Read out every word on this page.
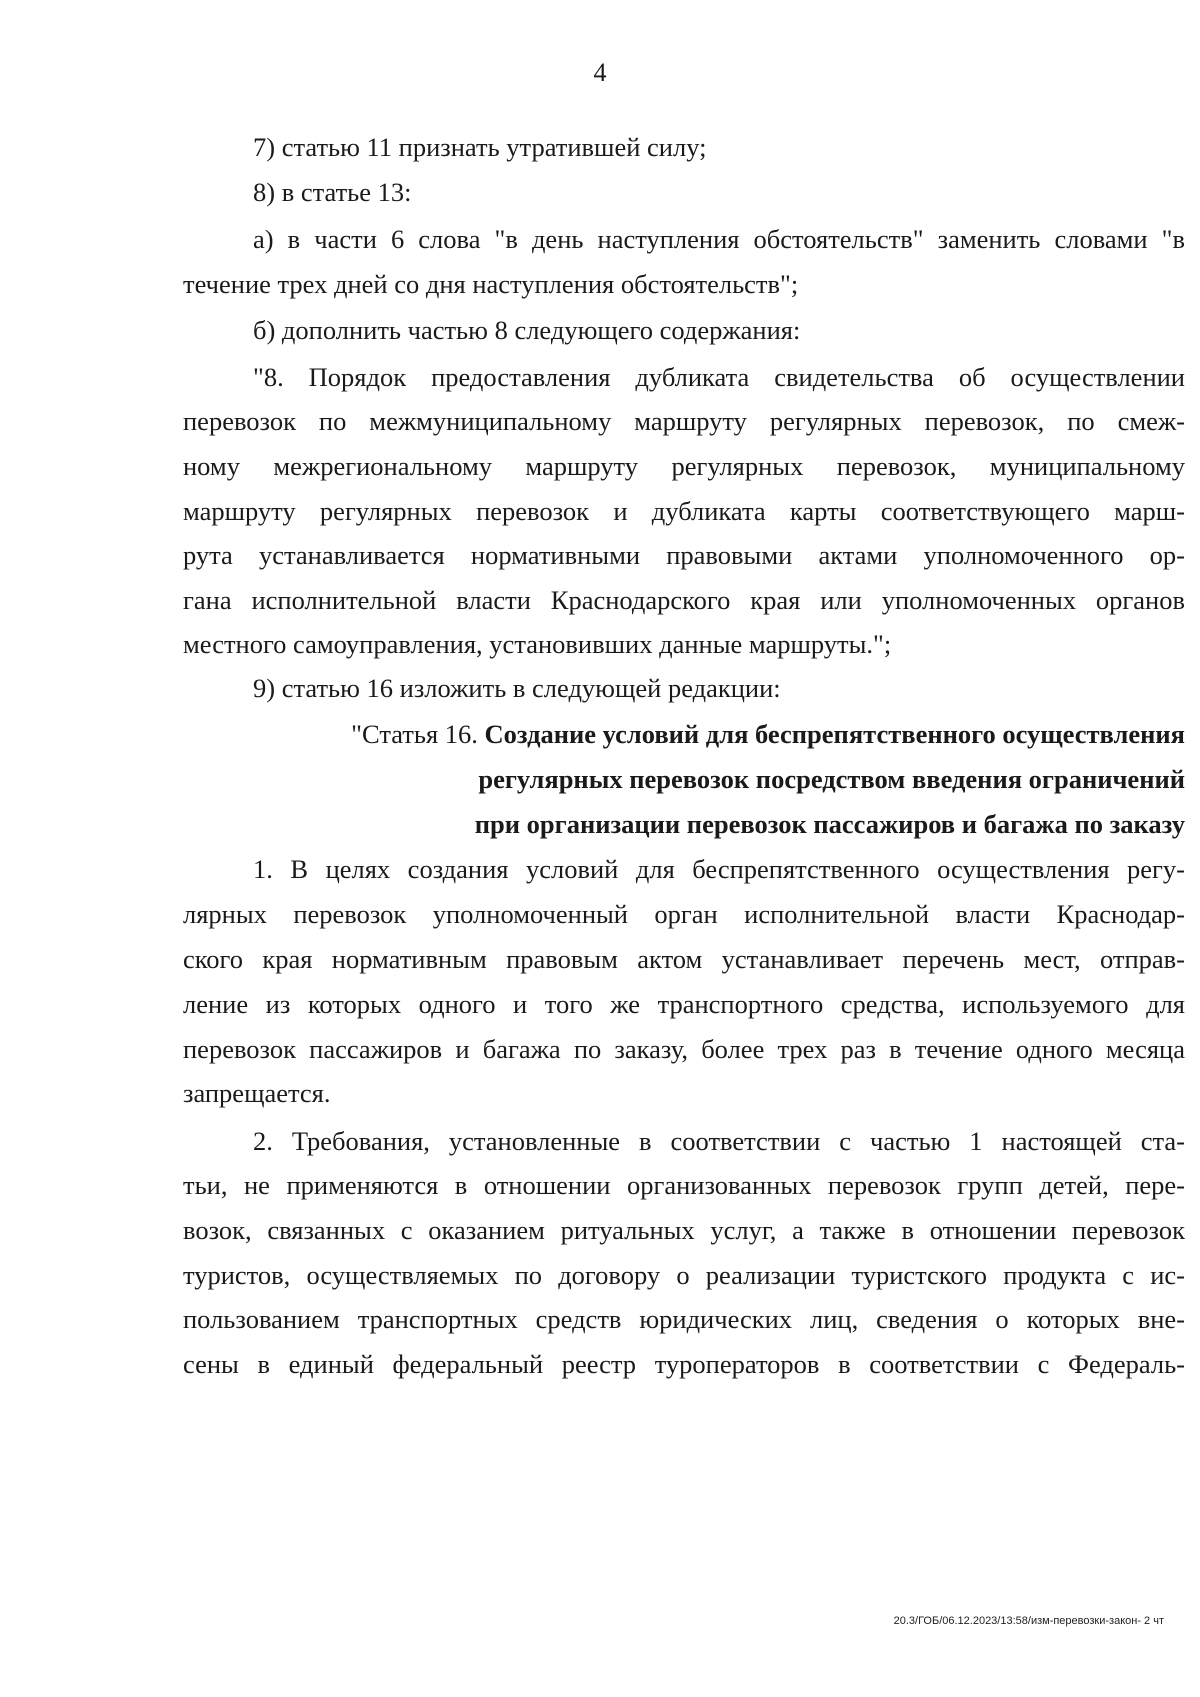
4
7) статью 11 признать утратившей силу;
8) в статье 13:
а) в части 6 слова "в день наступления обстоятельств" заменить словами "в
течение трех дней со дня наступления обстоятельств";
б) дополнить частью 8 следующего содержания:
"8. Порядок предоставления дубликата свидетельства об осуществлении
перевозок по межмуниципальному маршруту регулярных перевозок, по смеж-
ному межрегиональному маршруту регулярных перевозок, муниципальному
маршруту регулярных перевозок и дубликата карты соответствующего марш-
рута устанавливается нормативными правовыми актами уполномоченного ор-
гана исполнительной власти Краснодарского края или уполномоченных органов
местного самоуправления, установивших данные маршруты.";
9) статью 16 изложить в следующей редакции:
"Статья 16. Создание условий для беспрепятственного осуществления
регулярных перевозок посредством введения ограничений
при организации перевозок пассажиров и багажа по заказу
1. В целях создания условий для беспрепятственного осуществления регу-
лярных перевозок уполномоченный орган исполнительной власти Краснодар-
ского края нормативным правовым актом устанавливает перечень мест, отправ-
ление из которых одного и того же транспортного средства, используемого для
перевозок пассажиров и багажа по заказу, более трех раз в течение одного месяца
запрещается.
2. Требования, установленные в соответствии с частью 1 настоящей ста-
тьи, не применяются в отношении организованных перевозок групп детей, пере-
возок, связанных с оказанием ритуальных услуг, а также в отношении перевозок
туристов, осуществляемых по договору о реализации туристского продукта с ис-
пользованием транспортных средств юридических лиц, сведения о которых вне-
сены в единый федеральный реестр туроператоров в соответствии с Федераль-
20.3/ГОБ/06.12.2023/13:58/изм-перевозки-закон- 2 чт
